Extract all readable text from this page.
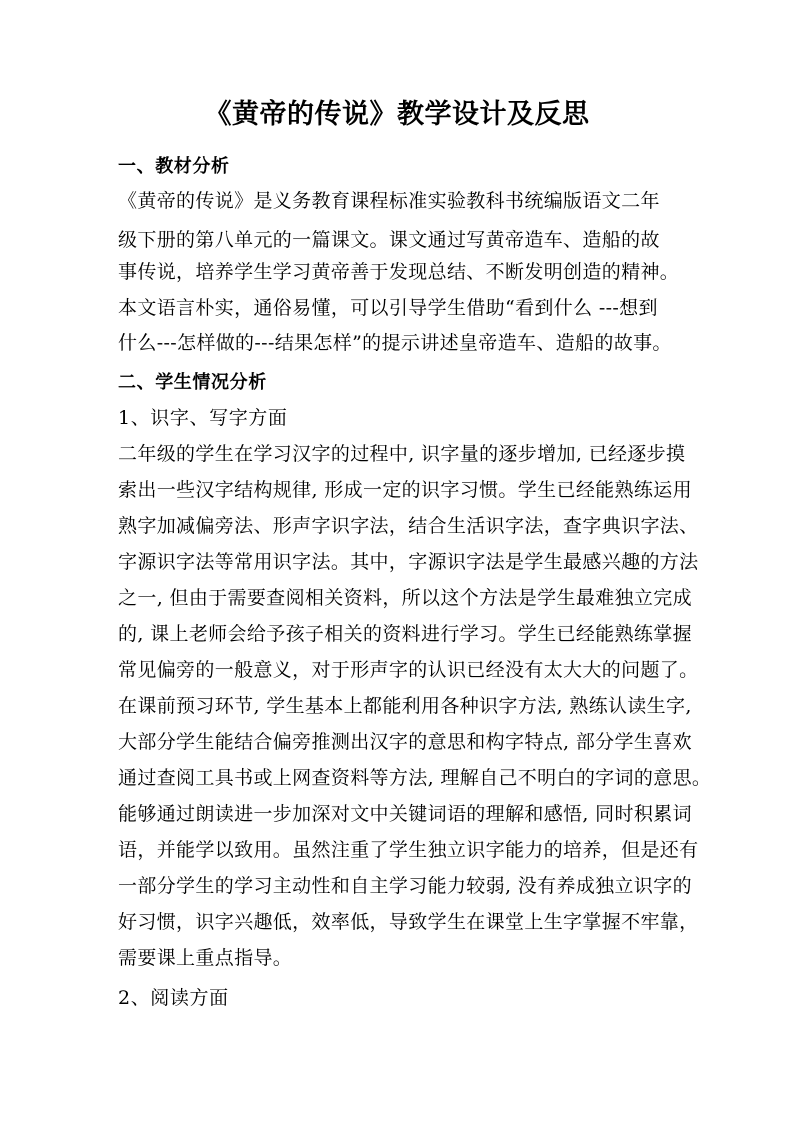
《黄帝的传说》教学设计及反思
一、教材分析
《黄帝的传说》是义务教育课程标准实验教科书统编版语文二年
级下册的第八单元的一篇课文。课文通过写黄帝造车、造船的故
事传说，培养学生学习黄帝善于发现总结、不断发明创造的精神。
本文语言朴实，通俗易懂，可以引导学生借助“看到什么 ---想到
什么---怎样做的---结果怎样”的提示讲述皇帝造车、造船的故事。
二、学生情况分析
1、识字、写字方面
二年级的学生在学习汉字的过程中, 识字量的逐步增加, 已经逐步摸
索出一些汉字结构规律, 形成一定的识字习惯。学生已经能熟练运用
熟字加减偏旁法、形声字识字法，结合生活识字法，查字典识字法、
字源识字法等常用识字法。其中，字源识字法是学生最感兴趣的方法
之一, 但由于需要查阅相关资料，所以这个方法是学生最难独立完成
的, 课上老师会给予孩子相关的资料进行学习。学生已经能熟练掌握
常见偏旁的一般意义，对于形声字的认识已经没有太大大的问题了。
在课前预习环节, 学生基本上都能利用各种识字方法, 熟练认读生字,
大部分学生能结合偏旁推测出汉字的意思和构字特点, 部分学生喜欢
通过查阅工具书或上网查资料等方法, 理解自己不明白的字词的意思。
能够通过朗读进一步加深对文中关键词语的理解和感悟, 同时积累词
语，并能学以致用。虽然注重了学生独立识字能力的培养，但是还有
一部分学生的学习主动性和自主学习能力较弱, 没有养成独立识字的
好习惯，识字兴趣低，效率低，导致学生在课堂上生字掌握不牢靠，
需要课上重点指导。
2、阅读方面
